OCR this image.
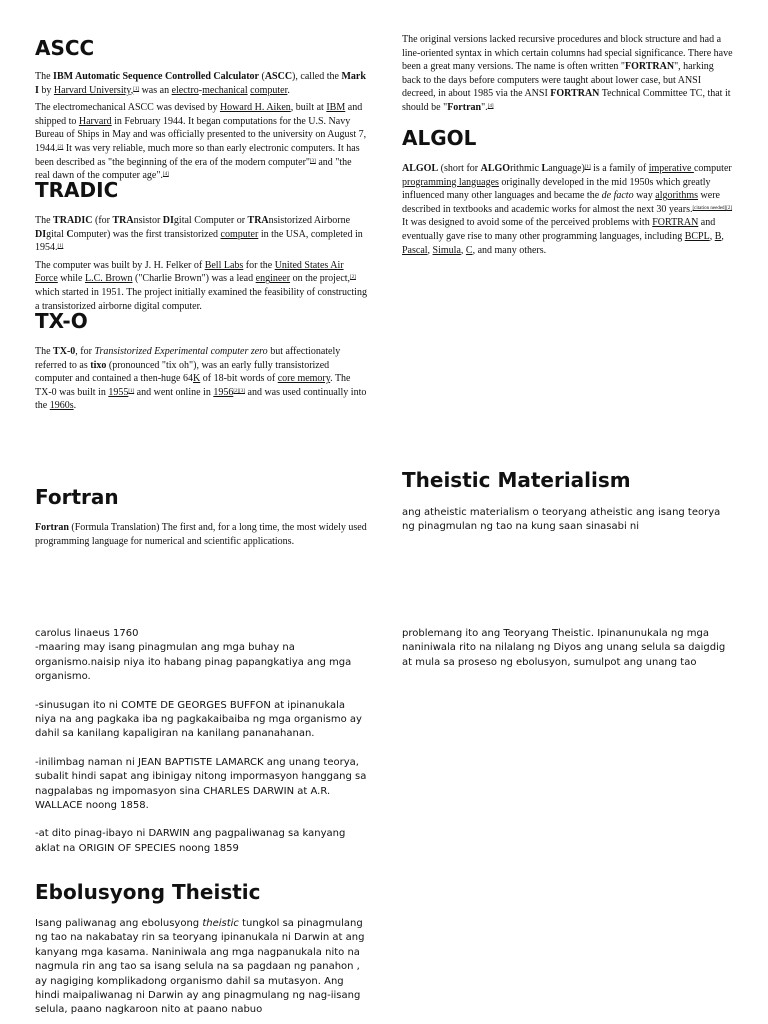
ASCC

The IBM Automatic Sequence Controlled Calculator (ASCC), called the Mark I by Harvard University,[1] was an electro-mechanical computer.

The electromechanical ASCC was devised by Howard H. Aiken, built at IBM and shipped to Harvard in February 1944. It began computations for the U.S. Navy Bureau of Ships in May and was officially presented to the university on August 7, 1944.[2] It was very reliable, much more so than early electronic computers. It has been described as "the beginning of the era of the modern computer"[3] and "the real dawn of the computer age".[4]

TRADIC

The TRADIC (for TRAnsistor DIgital Computer or TRAnsistorized Airborne DIgital Computer) was the first transistorized computer in the USA, completed in 1954.[1]

The computer was built by J. H. Felker of Bell Labs for the United States Air Force while L.C. Brown ("Charlie Brown") was a lead engineer on the project,[2] which started in 1951. The project initially examined the feasibility of constructing a transistorized airborne digital computer.

TX-O

The TX-0, for Transistorized Experimental computer zero but affectionately referred to as tixo (pronounced "tix oh"), was an early fully transistorized computer and contained a then-huge 64K of 18-bit words of core memory. The TX-0 was built in 1955[1] and went online in 1956[2][3] and was used continually into the 1960s.

The original versions lacked recursive procedures and block structure and had a line-oriented syntax in which certain columns had special significance. There have been a great many versions. The name is often written "FORTRAN", harking back to the days before computers were taught about lower case, but ANSI decreed, in about 1985 via the ANSI FORTRAN Technical Committee TC, that it should be "Fortran".[4]

ALGOL

ALGOL (short for ALGOrithmic Language)[1] is a family of imperative computer programming languages originally developed in the mid 1950s which greatly influenced many other languages and became the de facto way algorithms were described in textbooks and academic works for almost the next 30 years.[citation needed][2] It was designed to avoid some of the perceived problems with FORTRAN and eventually gave rise to many other programming languages, including BCPL, B, Pascal, Simula, C, and many others.

Fortran

Fortran (Formula Translation) The first and, for a long time, the most widely used programming language for numerical and scientific applications.

Theistic Materialism

ang atheistic materialism o teoryang atheistic ang isang teorya ng pinagmulan ng tao na kung saan sinasabi ni

carolus linaeus 1760
-maaring may isang pinagmulan ang mga buhay na organismo.naisip niya ito habang pinag papangkatiya ang mga organismo.

-sinusugan ito ni COMTE DE GEORGES BUFFON at ipinanukala niya na ang pagkaka iba ng pagkakaibaiba ng mga organismo ay dahil sa kanilang kapaligiran na kanilang pananahanan.

-inilimbag naman ni JEAN BAPTISTE LAMARCK ang unang teorya, subalit hindi sapat ang ibinigay nitong impormasyon hanggang sa nagpalabas ng impomasyon sina CHARLES DARWIN at A.R. WALLACE noong 1858.

-at dito pinag-ibayo ni DARWIN ang pagpaliwanag sa kanyang aklat na ORIGIN OF SPECIES noong 1859

problemang ito ang Teoryang Theistic. Ipinanunukala ng mga naniniwala rito na nilalang ng Diyos ang unang selula sa daigdig at mula sa proseso ng ebolusyon, sumulpot ang unang tao

Ebolusyong Theistic

Isang paliwanag ang ebolusyong theistic tungkol sa pinagmulang ng tao na nakabatay rin sa teoryang ipinanukala ni Darwin at ang kanyang mga kasama. Naniniwala ang mga nagpanukala nito na nagmula rin ang tao sa isang selula na sa pagdaan ng panahon , ay nagiging komplikadong organismo dahil sa mutasyon. Ang hindi maipaliwanag ni Darwin ay ang pinagmulang ng nag-iisang selula, paano nagkaroon nito at paano nabuo
